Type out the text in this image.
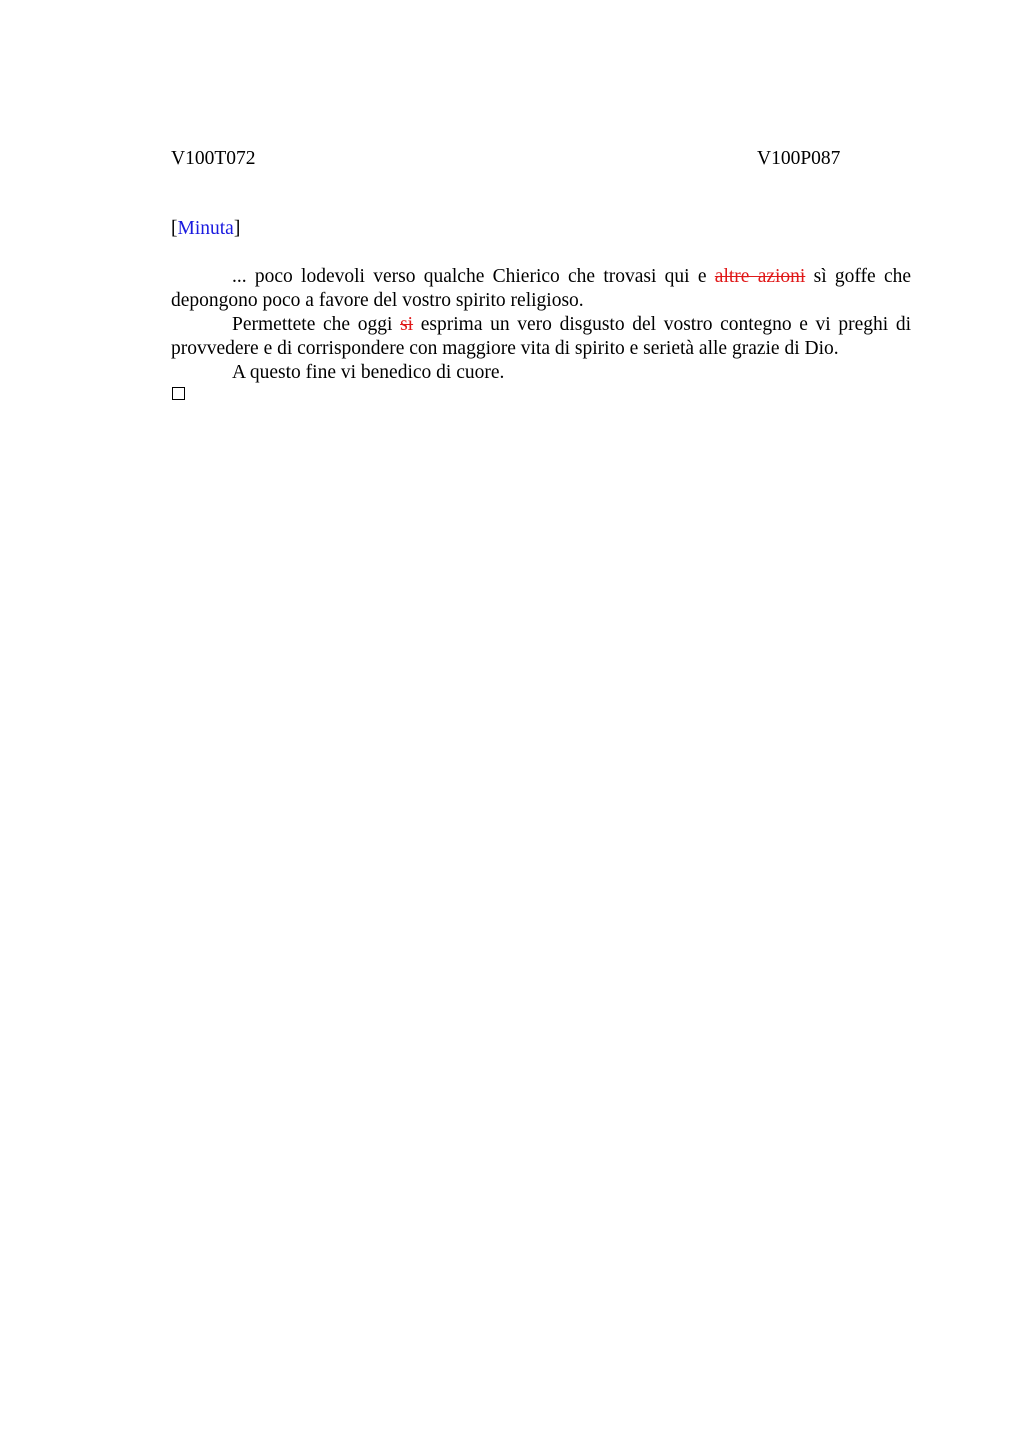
V100T072	V100P087
[Minuta]

... poco lodevoli verso qualche Chierico che trovasi qui e altre azioni sì goffe che depongono poco a favore del vostro spirito religioso.

Permettete che oggi si esprima un vero disgusto del vostro contegno e vi preghi di provvedere e di corrispondere con maggiore vita di spirito e serietà alle grazie di Dio.

A questo fine vi benedico di cuore.
